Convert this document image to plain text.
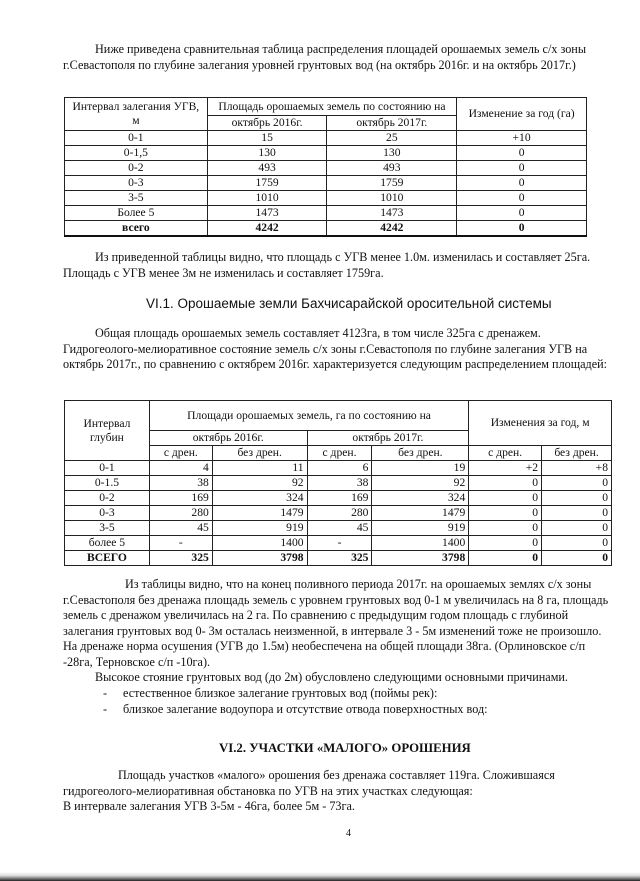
Ниже приведена сравнительная таблица распределения площадей орошаемых земель с/х зоны г.Севастополя по глубине залегания уровней грунтовых вод (на октябрь 2016г. и на октябрь 2017г.)

Интервал залегания УГВ, м	Площадь орошаемых земель по состоянию на		Изменение за год (га)
	октябрь 2016г.	октябрь 2017г.	
0-1	15	25	+10
0-1,5	130	130	0
0-2	493	493	0
0-3	1759	1759	0
3-5	1010	1010	0
Более 5	1473	1473	0
всего	4242	4242	0

Из приведенной таблицы видно, что площадь с УГВ менее 1.0м. изменилась и составляет 25га. Площадь с УГВ менее 3м не изменилась и составляет 1759га.

VI.1. Орошаемые земли Бахчисарайской оросительной системы

Общая площадь орошаемых земель составляет 4123га, в том числе 325га с дренажем. Гидрогеолого-мелиоративное состояние земель с/х зоны г.Севастополя по глубине залегания УГВ на октябрь 2017г., по сравнению с октябрем 2016г. характеризуется следующим распределением площадей:

Интервал глубин	Площади орошаемых земель, га по состоянию на				Изменения за год, м	
	октябрь 2016г.		октябрь 2017г.			
	с дрен.	без дрен.	с дрен.	без дрен.	с дрен.	без дрен.
0-1	4	11	6	19	+2	+8
0-1.5	38	92	38	92	0	0
0-2	169	324	169	324	0	0
0-3	280	1479	280	1479	0	0
3-5	45	919	45	919	0	0
более 5	-	1400	-	1400	0	0
ВСЕГО	325	3798	325	3798	0	0

Из таблицы видно, что на конец поливного периода 2017г. на орошаемых землях с/х зоны г.Севастополя без дренажа площадь земель с уровнем грунтовых вод 0-1 м увеличилась на 8 га, площадь земель с дренажом увеличилась на 2 га. По сравнению с предыдущим годом площадь с глубиной залегания грунтовых вод 0- 3м осталась неизменной, в интервале 3 - 5м изменений тоже не произошло. На дренаже норма осушения (УГВ до 1.5м) необеспечена на общей площади 38га. (Орлиновское с/п -28га, Терновское с/п -10га).

Высокое стояние грунтовых вод (до 2м) обусловлено следующими основными причинами.

- естественное близкое залегание грунтовых вод (поймы рек):
- близкое залегание водоупора и отсутствие отвода поверхностных вод:
VI.2. УЧАСТКИ «МАЛОГО» ОРОШЕНИЯ

Площадь участков «малого» орошения без дренажа составляет 119га. Сложившаяся гидрогеолого-мелиоративная обстановка по УГВ на этих участках следующая:

В интервале залегания УГВ 3-5м - 46га, более 5м - 73га.

4
